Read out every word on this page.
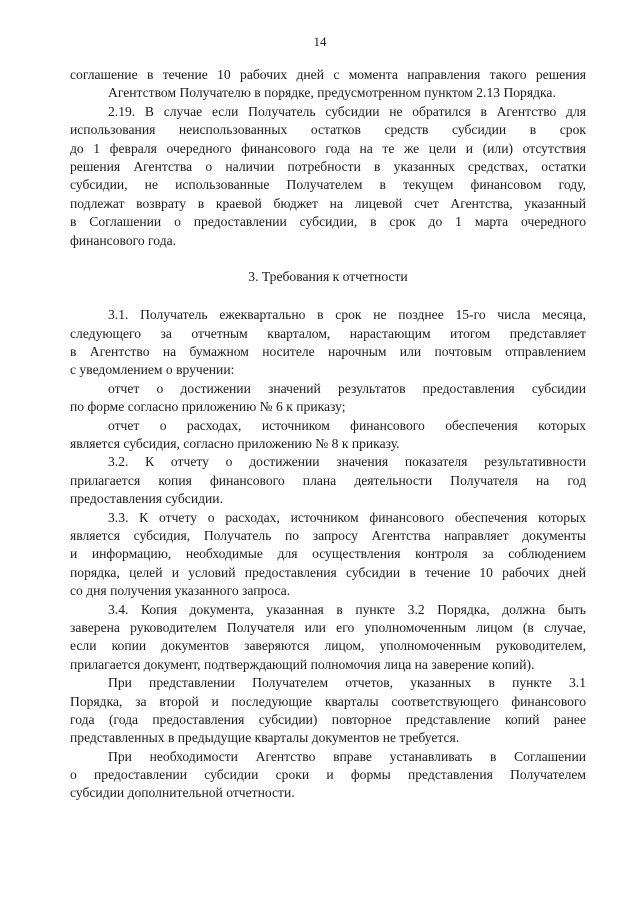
14
соглашение в течение 10 рабочих дней с момента направления такого решения
Агентством Получателю в порядке, предусмотренном пунктом 2.13 Порядка.
2.19. В случае если Получатель субсидии не обратился в Агентство для
использования неиспользованных остатков средств субсидии в срок
до 1 февраля очередного финансового года на те же цели и (или) отсутствия
решения Агентства о наличии потребности в указанных средствах, остатки
субсидии, не использованные Получателем в текущем финансовом году,
подлежат возврату в краевой бюджет на лицевой счет Агентства, указанный
в Соглашении о предоставлении субсидии, в срок до 1 марта очередного
финансового года.
3. Требования к отчетности
3.1. Получатель ежеквартально в срок не позднее 15-го числа месяца,
следующего за отчетным кварталом, нарастающим итогом представляет
в Агентство на бумажном носителе нарочным или почтовым отправлением
с уведомлением о вручении:
отчет о достижении значений результатов предоставления субсидии
по форме согласно приложению № 6 к приказу;
отчет о расходах, источником финансового обеспечения которых
является субсидия, согласно приложению № 8 к приказу.
3.2. К отчету о достижении значения показателя результативности
прилагается копия финансового плана деятельности Получателя на год
предоставления субсидии.
3.3. К отчету о расходах, источником финансового обеспечения которых
является субсидия, Получатель по запросу Агентства направляет документы
и информацию, необходимые для осуществления контроля за соблюдением
порядка, целей и условий предоставления субсидии в течение 10 рабочих дней
со дня получения указанного запроса.
3.4. Копия документа, указанная в пункте 3.2 Порядка, должна быть
заверена руководителем Получателя или его уполномоченным лицом (в случае,
если копии документов заверяются лицом, уполномоченным руководителем,
прилагается документ, подтверждающий полномочия лица на заверение копий).
При представлении Получателем отчетов, указанных в пункте 3.1
Порядка, за второй и последующие кварталы соответствующего финансового
года (года предоставления субсидии) повторное представление копий ранее
представленных в предыдущие кварталы документов не требуется.
При необходимости Агентство вправе устанавливать в Соглашении
о предоставлении субсидии сроки и формы представления Получателем
субсидии дополнительной отчетности.
